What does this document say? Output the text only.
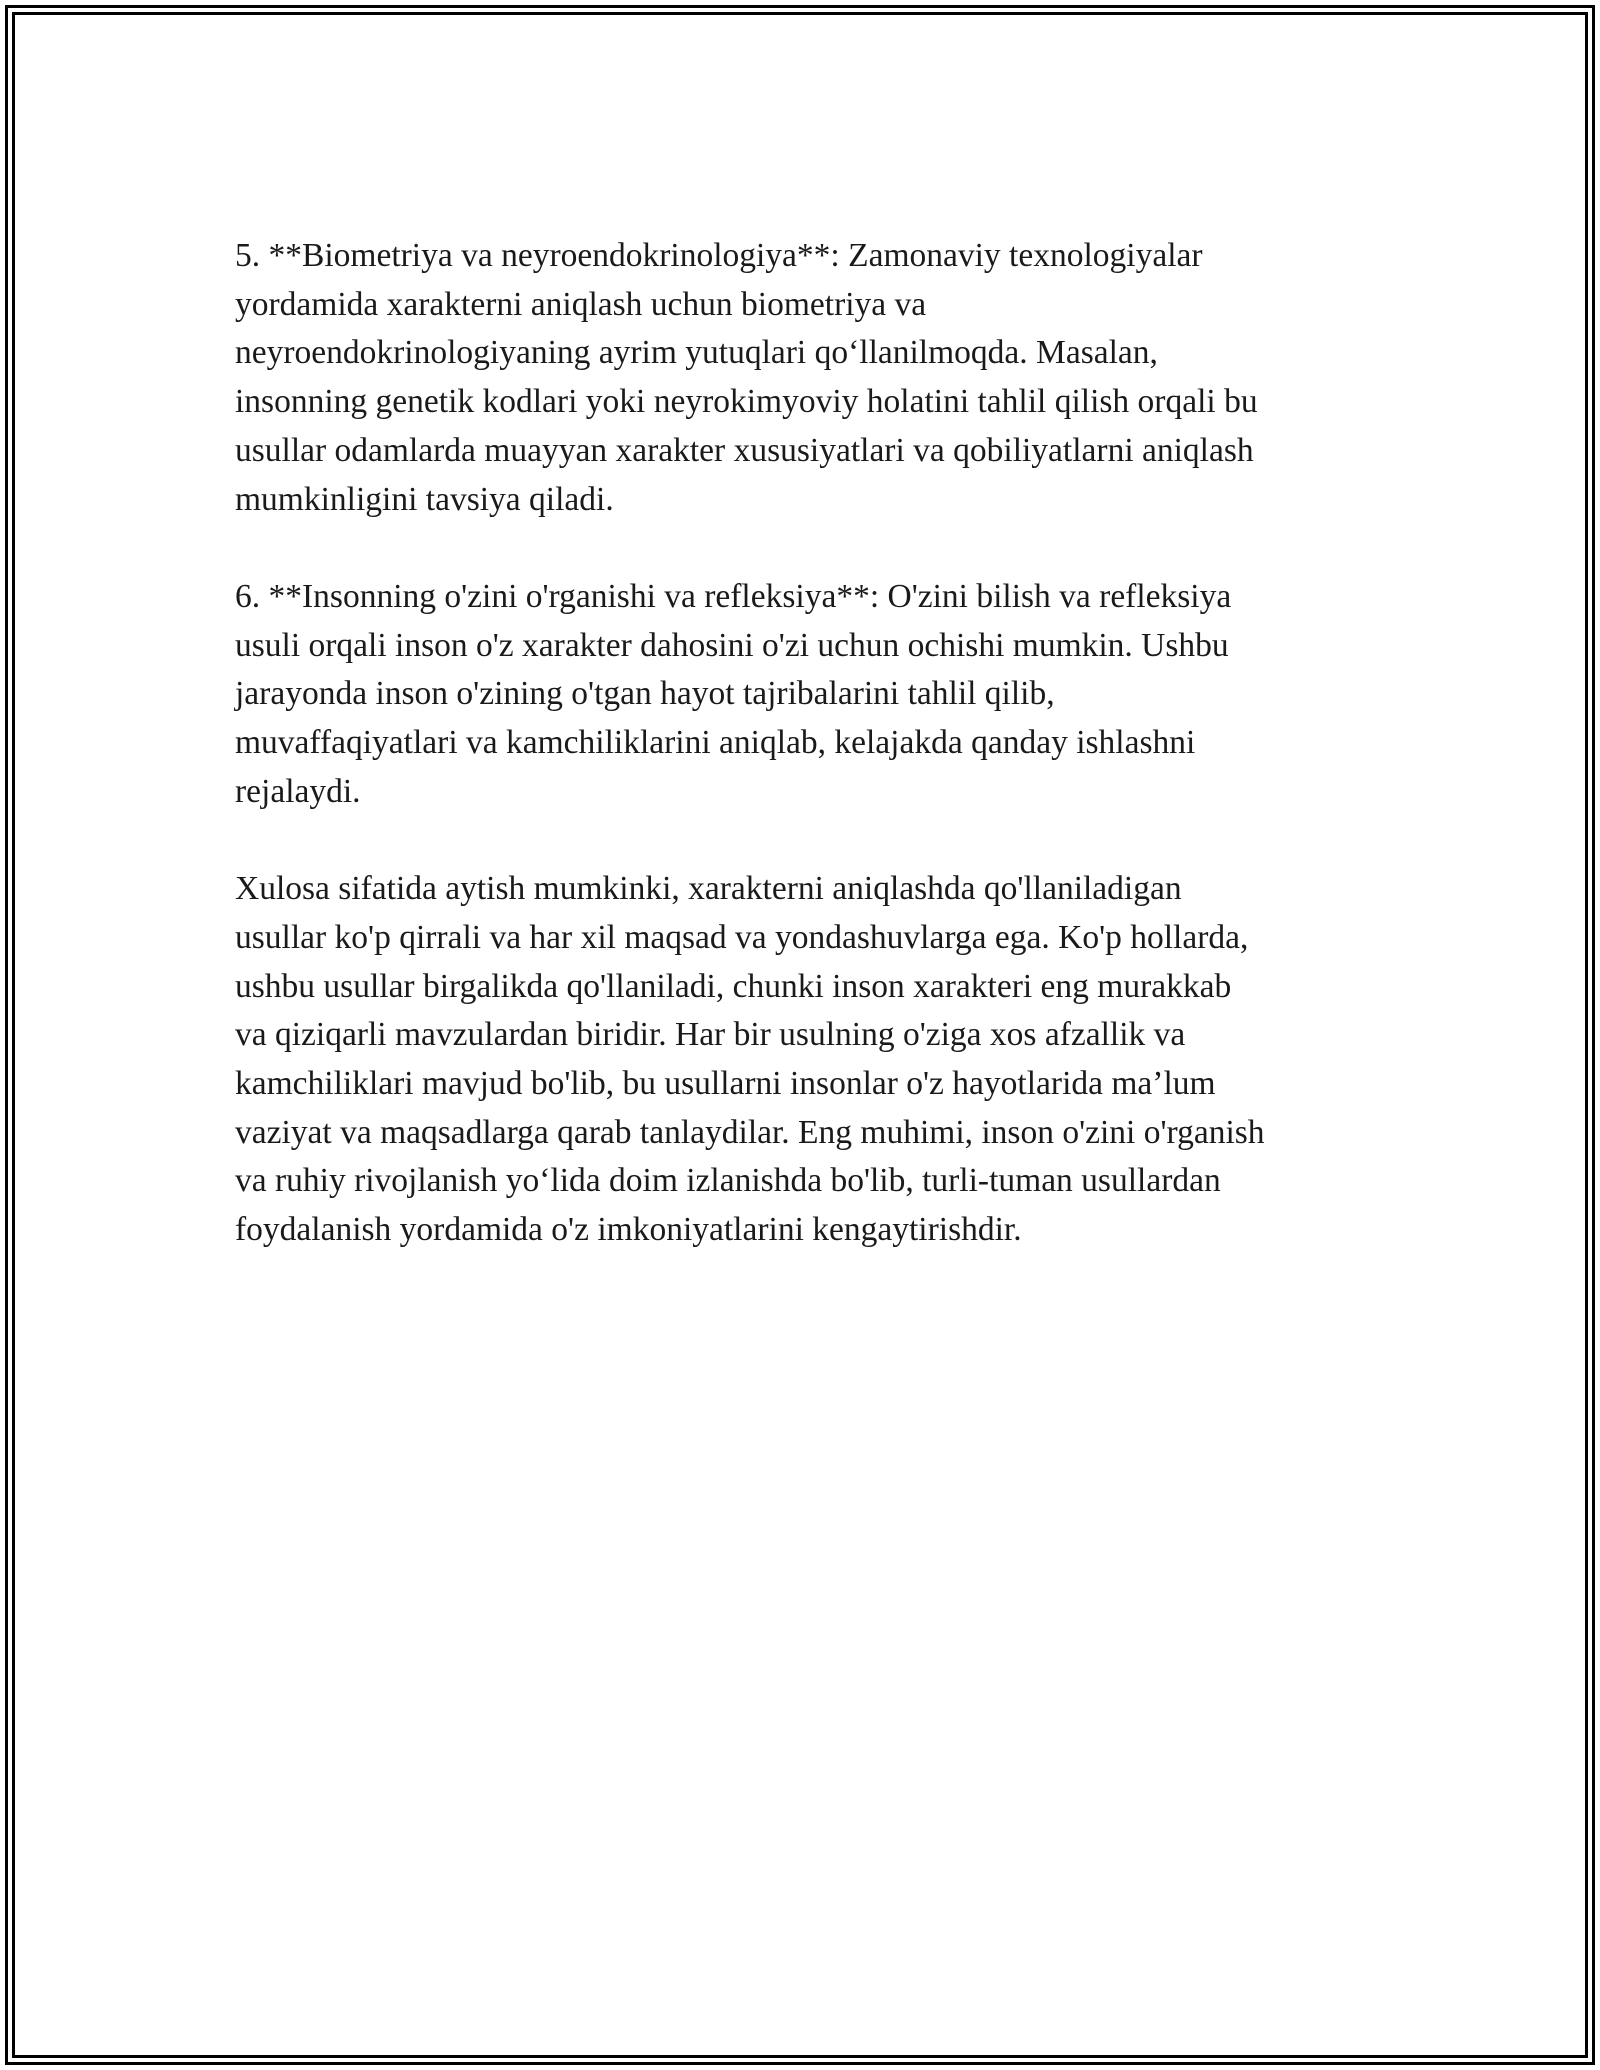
5. **Biometriya va neyroendokrinologiya**: Zamonaviy texnologiyalar
yordamida xarakterni aniqlash uchun biometriya va
neyroendokrinologiyaning ayrim yutuqlari qo‘llanilmoqda. Masalan,
insonning genetik kodlari yoki neyrokimyoviy holatini tahlil qilish orqali bu
usullar odamlarda muayyan xarakter xususiyatlari va qobiliyatlarni aniqlash
mumkinligini tavsiya qiladi.

6. **Insonning o'zini o'rganishi va refleksiya**: O'zini bilish va refleksiya
usuli orqali inson o'z xarakter dahosini o'zi uchun ochishi mumkin. Ushbu
jarayonda inson o'zining o'tgan hayot tajribalarini tahlil qilib,
muvaffaqiyatlari va kamchiliklarini aniqlab, kelajakda qanday ishlashni
rejalaydi.

Xulosa sifatida aytish mumkinki, xarakterni aniqlashda qo'llaniladigan
usullar ko'p qirrali va har xil maqsad va yondashuvlarga ega. Ko'p hollarda,
ushbu usullar birgalikda qo'llaniladi, chunki inson xarakteri eng murakkab
va qiziqarli mavzulardan biridir. Har bir usulning o'ziga xos afzallik va
kamchiliklari mavjud bo'lib, bu usullarni insonlar o'z hayotlarida ma’lum
vaziyat va maqsadlarga qarab tanlaydilar. Eng muhimi, inson o'zini o'rganish
va ruhiy rivojlanish yo‘lida doim izlanishda bo'lib, turli-tuman usullardan
foydalanish yordamida o'z imkoniyatlarini kengaytirishdir.
